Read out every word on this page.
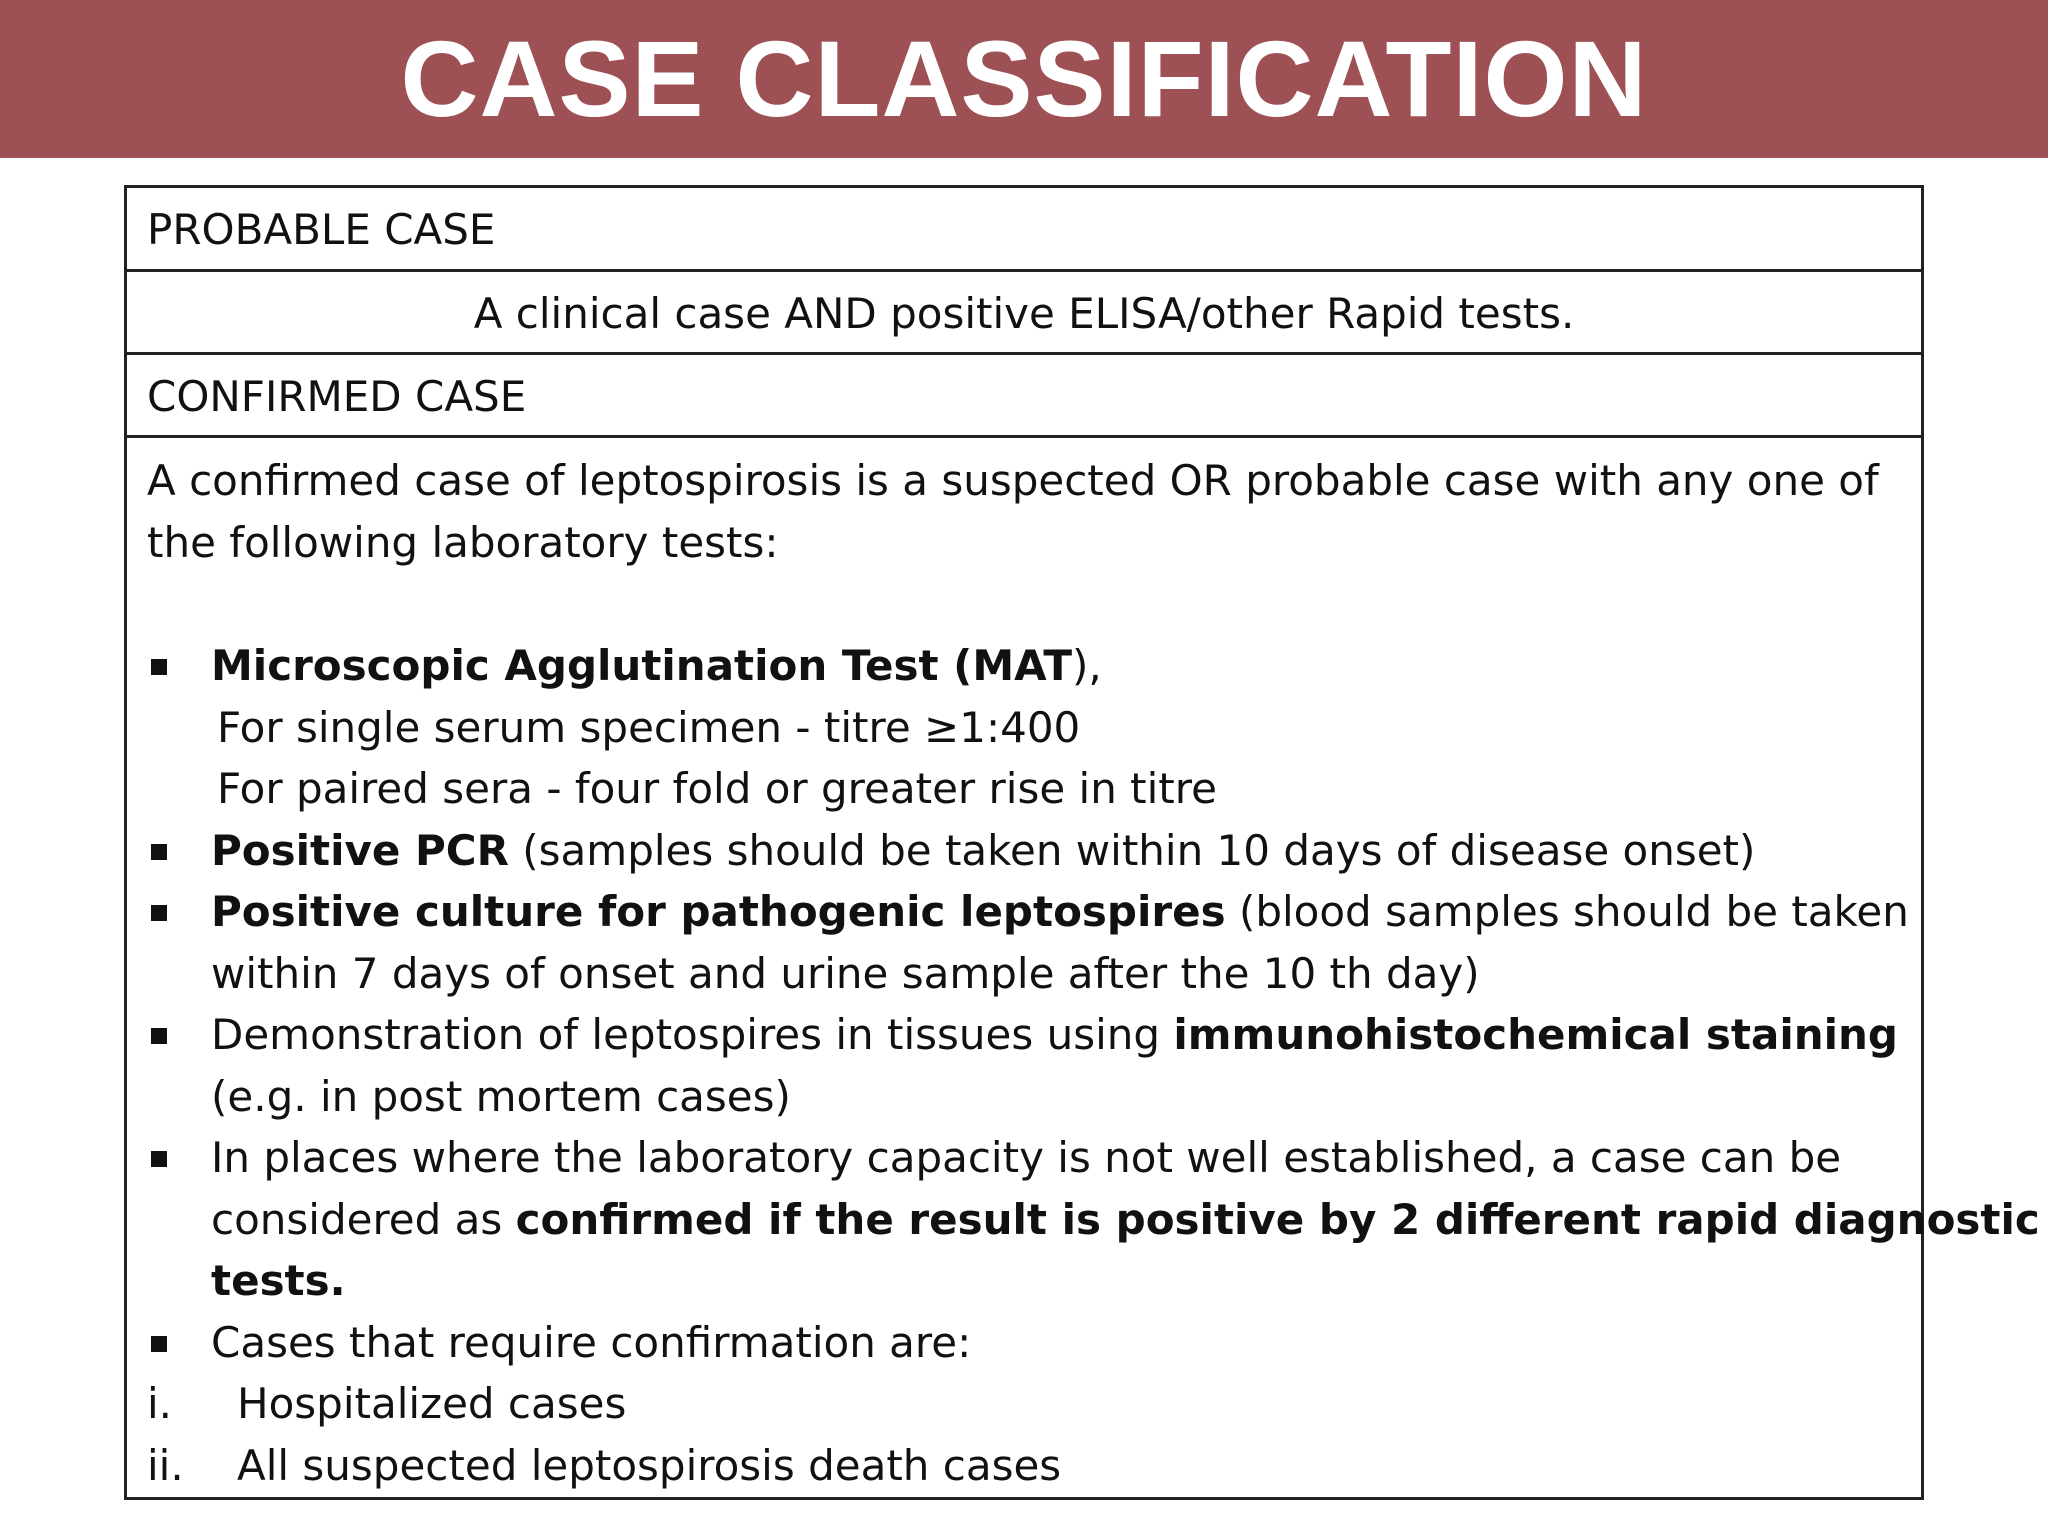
CASE CLASSIFICATION
PROBABLE CASE
A clinical case AND positive ELISA/other Rapid tests.
CONFIRMED CASE
A confirmed case of leptospirosis is a suspected OR probable case with any one of
the following laboratory tests:
Microscopic Agglutination Test (MAT),
For single serum specimen - titre ≥1:400
For paired sera - four fold or greater rise in titre
Positive PCR (samples should be taken within 10 days of disease onset)
Positive culture for pathogenic leptospires (blood samples should be taken
within 7 days of onset and urine sample after the 10 th day)
Demonstration of leptospires in tissues using immunohistochemical staining
(e.g. in post mortem cases)
In places where the laboratory capacity is not well established, a case can be
considered as confirmed if the result is positive by 2 different rapid diagnostic
tests.
Cases that require confirmation are:
i. Hospitalized cases
ii. All suspected leptospirosis death cases
